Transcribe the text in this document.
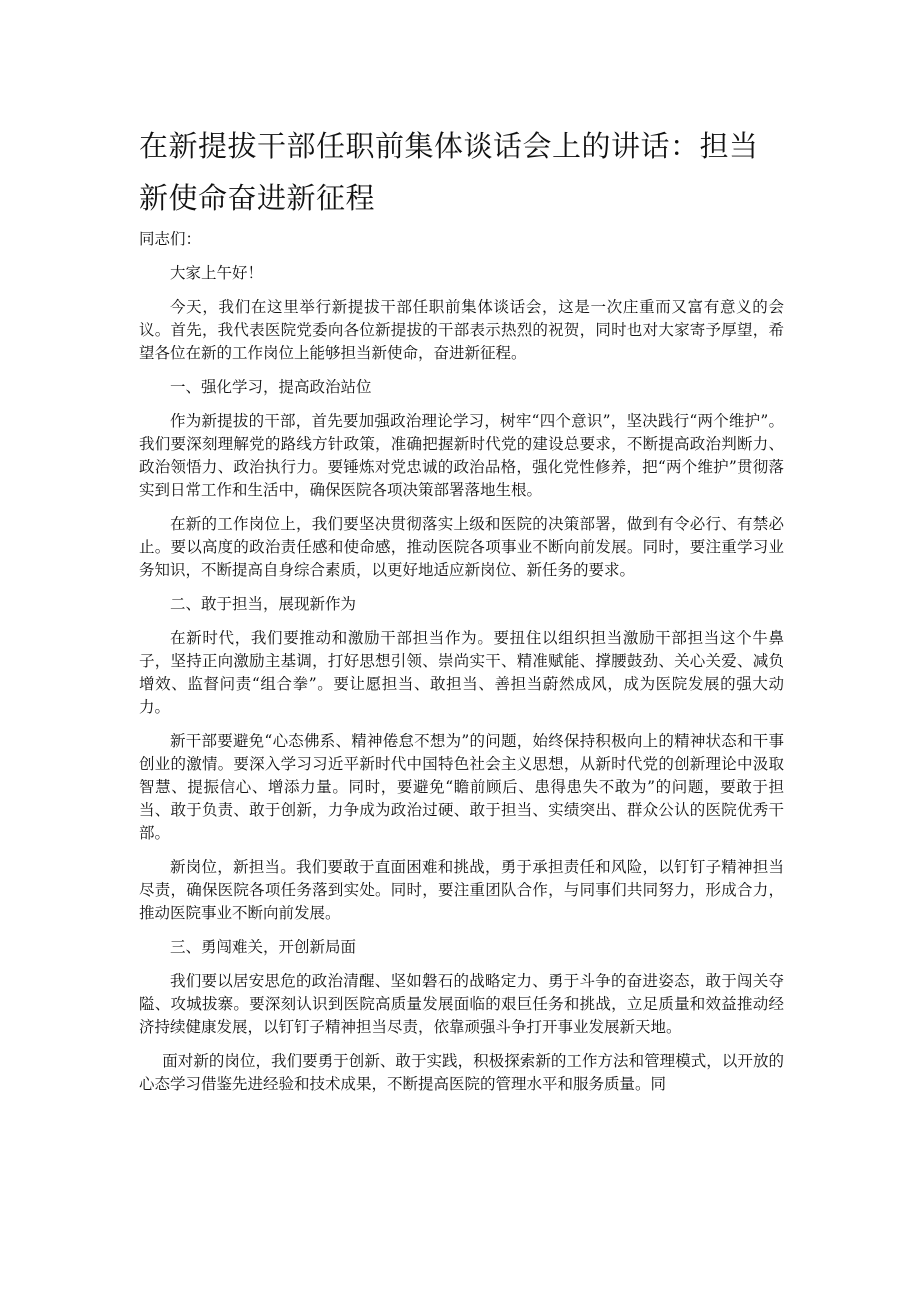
在新提拔干部任职前集体谈话会上的讲话：担当新使命奋进新征程

同志们：

大家上午好！

今天，我们在这里举行新提拔干部任职前集体谈话会，这是一次庄重而又富有意义的会议。首先，我代表医院党委向各位新提拔的干部表示热烈的祝贺，同时也对大家寄予厚望，希望各位在新的工作岗位上能够担当新使命，奋进新征程。

一、强化学习，提高政治站位

作为新提拔的干部，首先要加强政治理论学习，树牢“四个意识”，坚决践行“两个维护”。我们要深刻理解党的路线方针政策，准确把握新时代党的建设总要求，不断提高政治判断力、政治领悟力、政治执行力。要锤炼对党忠诚的政治品格，强化党性修养，把“两个维护”贯彻落实到日常工作和生活中，确保医院各项决策部署落地生根。

在新的工作岗位上，我们要坚决贯彻落实上级和医院的决策部署，做到有令必行、有禁必止。要以高度的政治责任感和使命感，推动医院各项事业不断向前发展。同时，要注重学习业务知识，不断提高自身综合素质，以更好地适应新岗位、新任务的要求。

二、敢于担当，展现新作为

在新时代，我们要推动和激励干部担当作为。要扭住以组织担当激励干部担当这个牛鼻子，坚持正向激励主基调，打好思想引领、崇尚实干、精准赋能、撑腰鼓劲、关心关爱、减负增效、监督问责“组合拳”。要让愿担当、敢担当、善担当蔚然成风，成为医院发展的强大动力。

新干部要避免“心态佛系、精神倦怠不想为”的问题，始终保持积极向上的精神状态和干事创业的激情。要深入学习习近平新时代中国特色社会主义思想，从新时代党的创新理论中汲取智慧、提振信心、增添力量。同时，要避免“瞻前顾后、患得患失不敢为”的问题，要敢于担当、敢于负责、敢于创新，力争成为政治过硬、敢于担当、实绩突出、群众公认的医院优秀干部。

新岗位，新担当。我们要敢于直面困难和挑战，勇于承担责任和风险，以钉钉子精神担当尽责，确保医院各项任务落到实处。同时，要注重团队合作，与同事们共同努力，形成合力，推动医院事业不断向前发展。

三、勇闯难关，开创新局面

我们要以居安思危的政治清醒、坚如磐石的战略定力、勇于斗争的奋进姿态，敢于闯关夺隘、攻城拔寨。要深刻认识到医院高质量发展面临的艰巨任务和挑战，立足质量和效益推动经济持续健康发展，以钉钉子精神担当尽责，依靠顽强斗争打开事业发展新天地。

面对新的岗位，我们要勇于创新、敢于实践，积极探索新的工作方法和管理模式，以开放的心态学习借鉴先进经验和技术成果，不断提高医院的管理水平和服务质量。同
